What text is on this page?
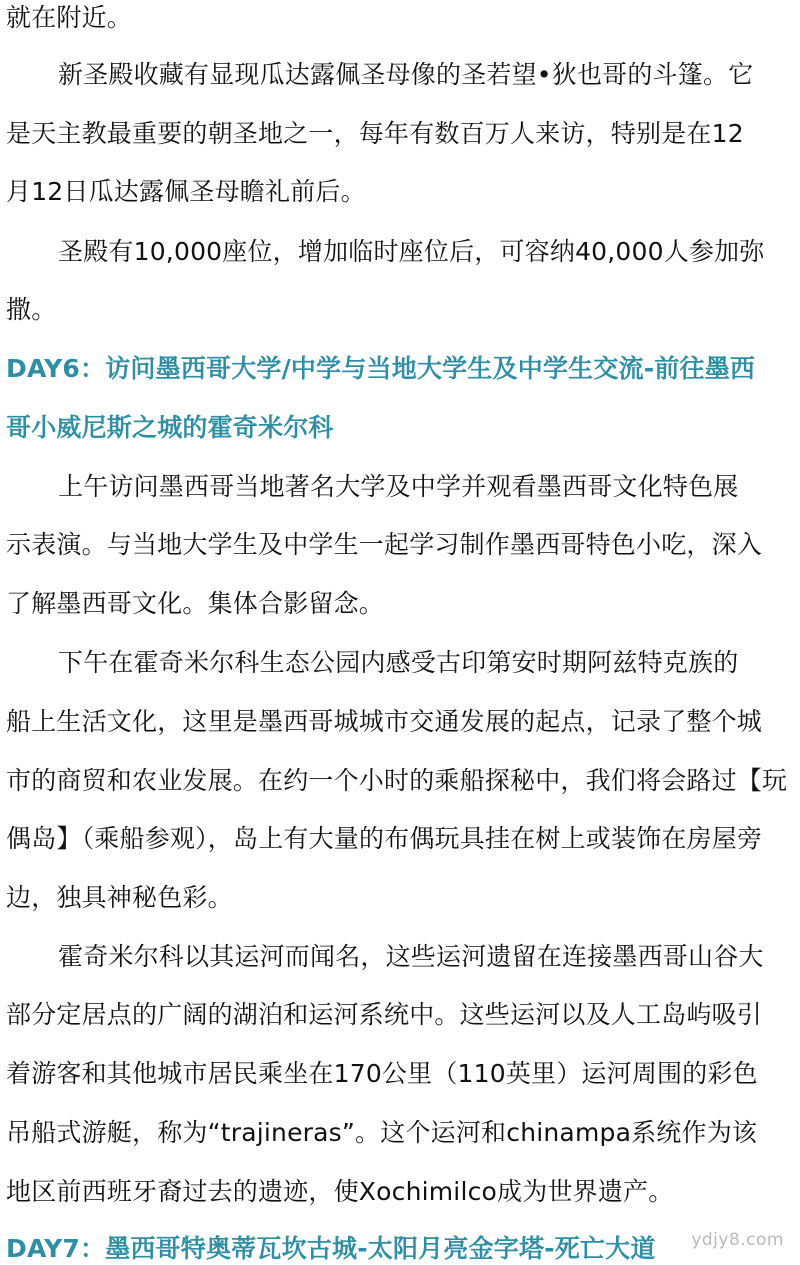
就在附近。
新圣殿收藏有显现瓜达露佩圣母像的圣若望•狄也哥的斗篷。它
是天主教最重要的朝圣地之一，每年有数百万人来访，特别是在12
月12日瓜达露佩圣母瞻礼前后。
圣殿有10,000座位，增加临时座位后，可容纳40,000人参加弥
撒。
DAY6：访问墨西哥大学/中学与当地大学生及中学生交流-前往墨西
哥小威尼斯之城的霍奇米尔科
上午访问墨西哥当地著名大学及中学并观看墨西哥文化特色展
示表演。与当地大学生及中学生一起学习制作墨西哥特色小吃，深入
了解墨西哥文化。集体合影留念。
下午在霍奇米尔科生态公园内感受古印第安时期阿兹特克族的
船上生活文化，这里是墨西哥城城市交通发展的起点，记录了整个城
市的商贸和农业发展。在约一个小时的乘船探秘中，我们将会路过【玩
偶岛】（乘船参观），岛上有大量的布偶玩具挂在树上或装饰在房屋旁
边，独具神秘色彩。
霍奇米尔科以其运河而闻名，这些运河遗留在连接墨西哥山谷大
部分定居点的广阔的湖泊和运河系统中。这些运河以及人工岛屿吸引
着游客和其他城市居民乘坐在170公里（110英里）运河周围的彩色
吊船式游艇，称为“trajineras”。这个运河和chinampa系统作为该
地区前西班牙裔过去的遗迹，使Xochimilco成为世界遗产。
DAY7：墨西哥特奥蒂瓦坎古城-太阳月亮金字塔-死亡大道 ydjy8.com
